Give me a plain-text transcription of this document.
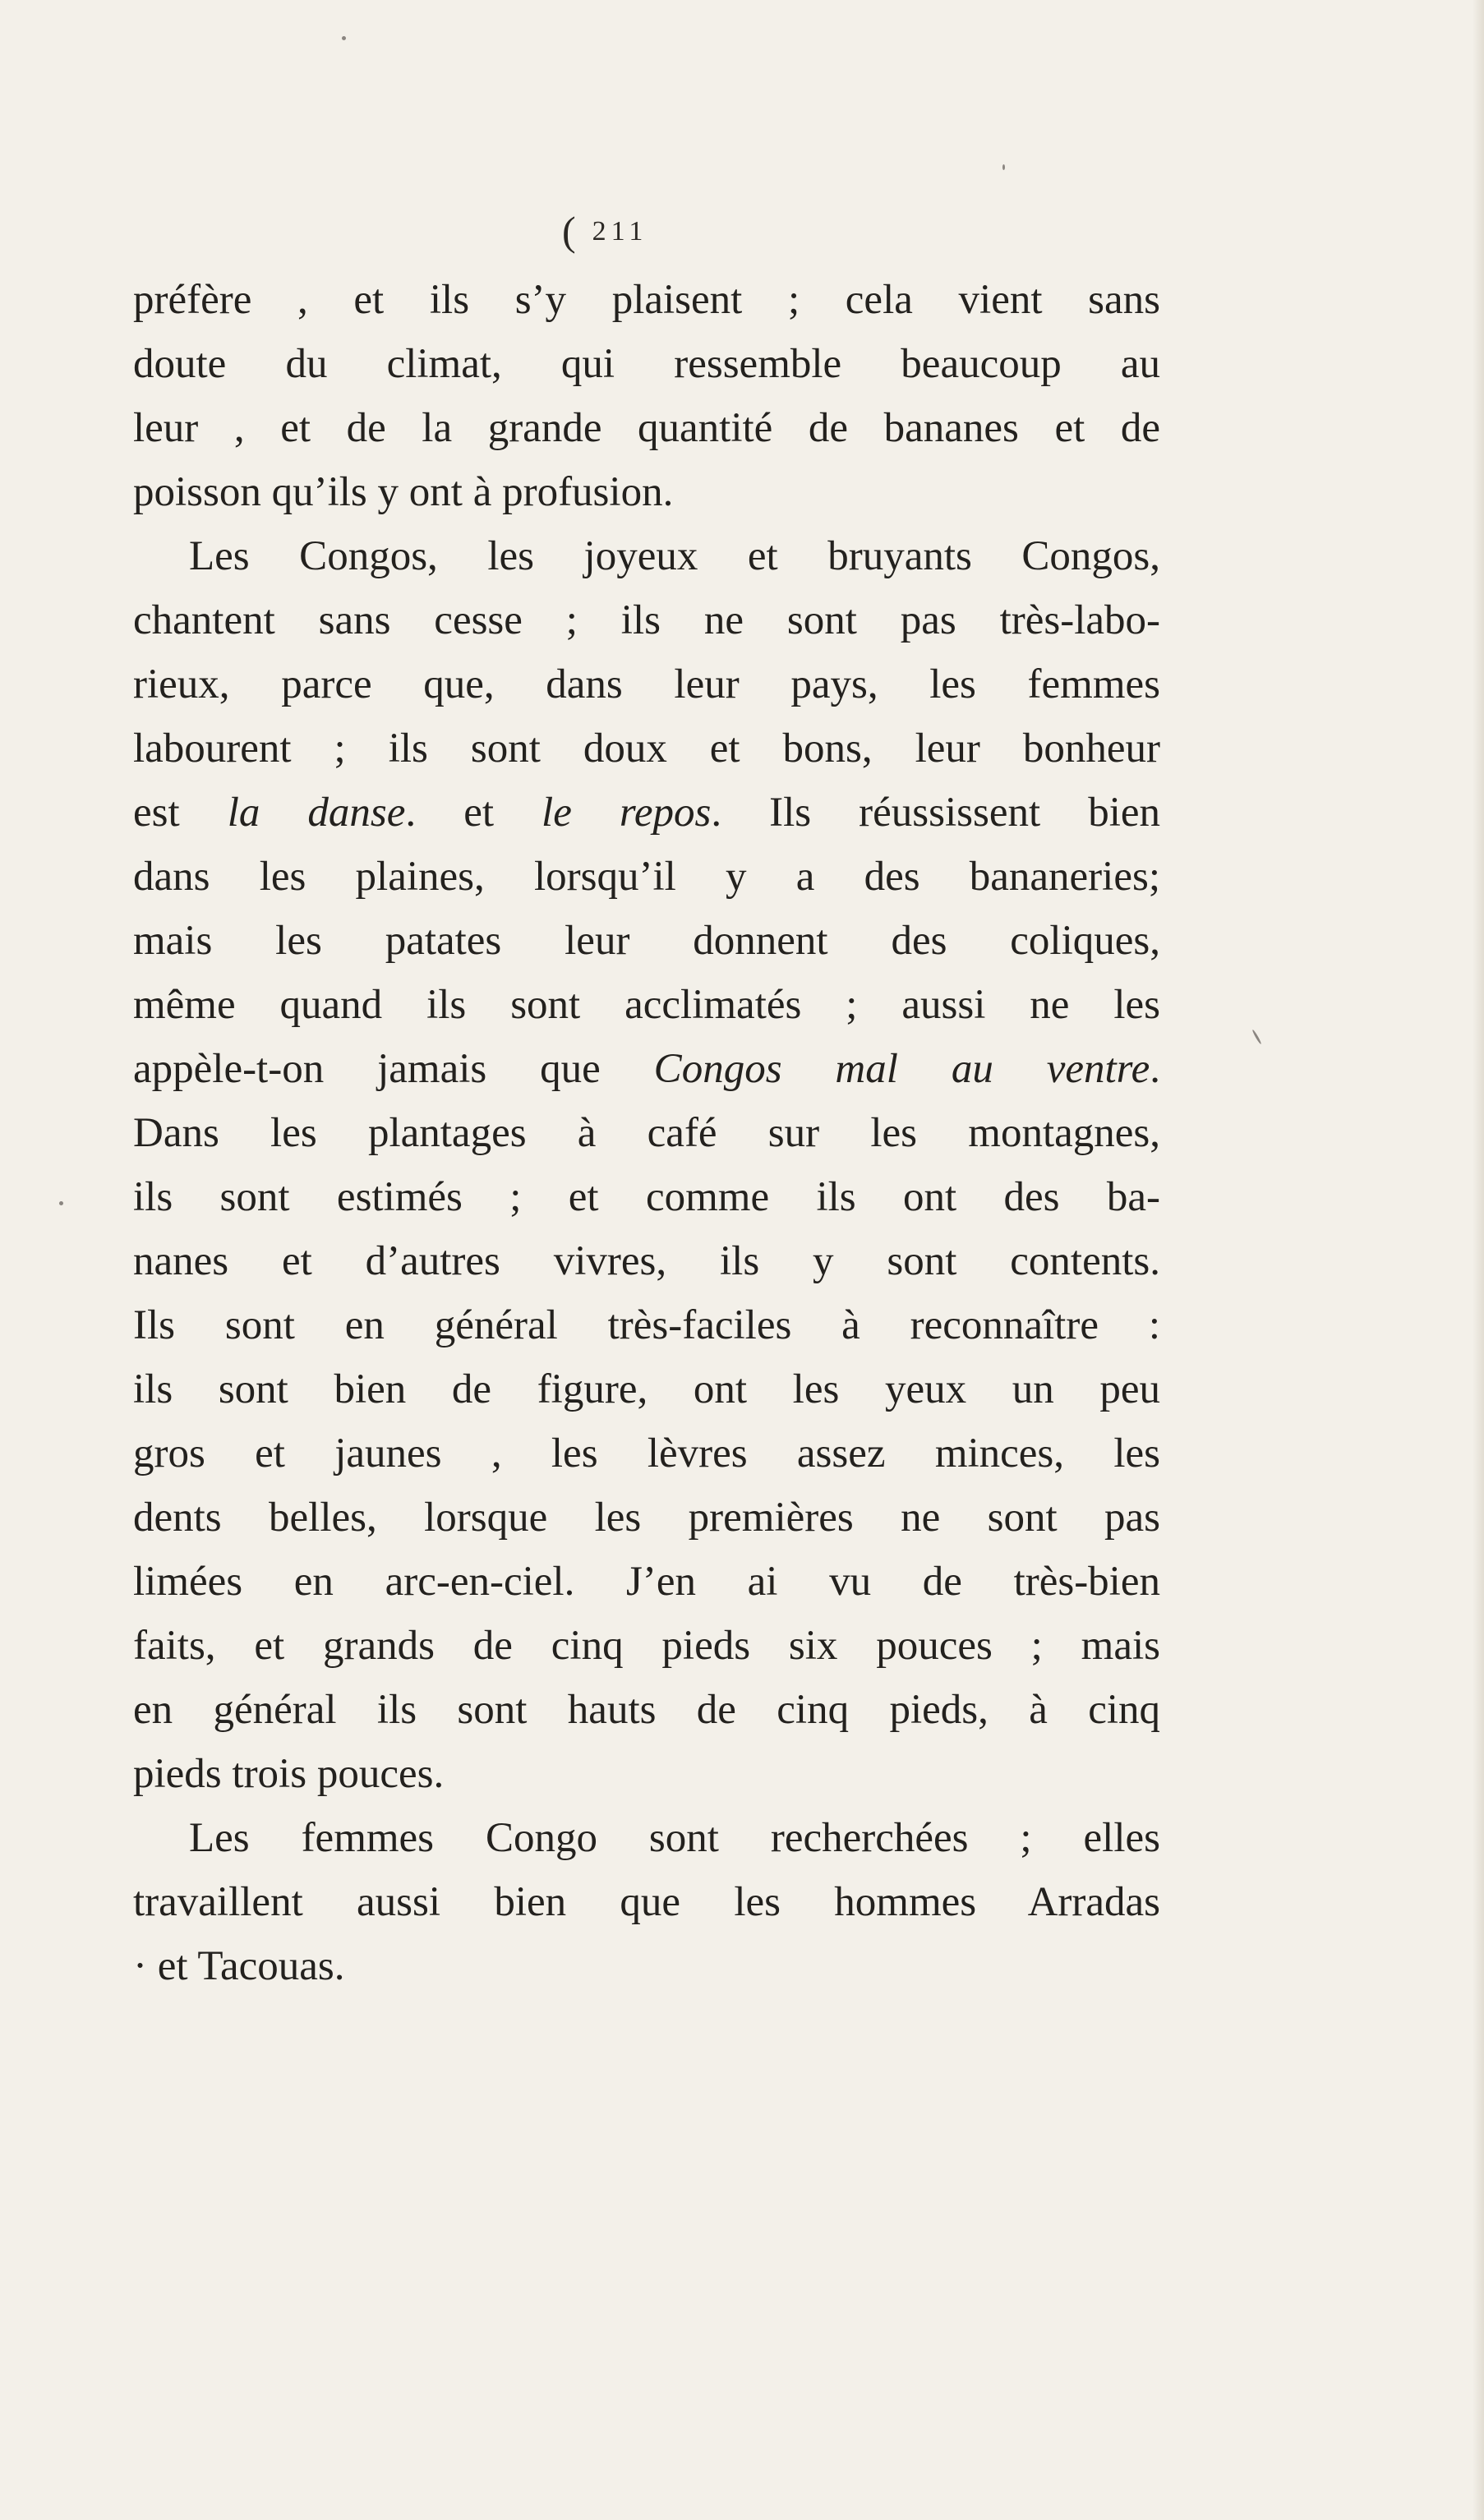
( 211
préfère , et ils s’y plaisent ; cela vient sans
doute du climat, qui ressemble beaucoup au
leur , et de la grande quantité de bananes et de
poisson qu’ils y ont à profusion.
Les Congos, les joyeux et bruyants Congos,
chantent sans cesse ; ils ne sont pas très-labo-
rieux, parce que, dans leur pays, les femmes
labourent ; ils sont doux et bons, leur bonheur
est la danse. et le repos. Ils réussissent bien
dans les plaines, lorsqu’il y a des bananeries;
mais les patates leur donnent des coliques,
même quand ils sont acclimatés ; aussi ne les
appèle-t-on jamais que Congos mal au ventre.
Dans les plantages à café sur les montagnes,
ils sont estimés ; et comme ils ont des ba-
nanes et d’autres vivres, ils y sont contents.
Ils sont en général très-faciles à reconnaître :
ils sont bien de figure, ont les yeux un peu
gros et jaunes , les lèvres assez minces, les
dents belles, lorsque les premières ne sont pas
limées en arc-en-ciel. J’en ai vu de très-bien
faits, et grands de cinq pieds six pouces ; mais
en général ils sont hauts de cinq pieds, à cinq
pieds trois pouces.
Les femmes Congo sont recherchées ; elles
travaillent aussi bien que les hommes Arradas
· et Tacouas.
